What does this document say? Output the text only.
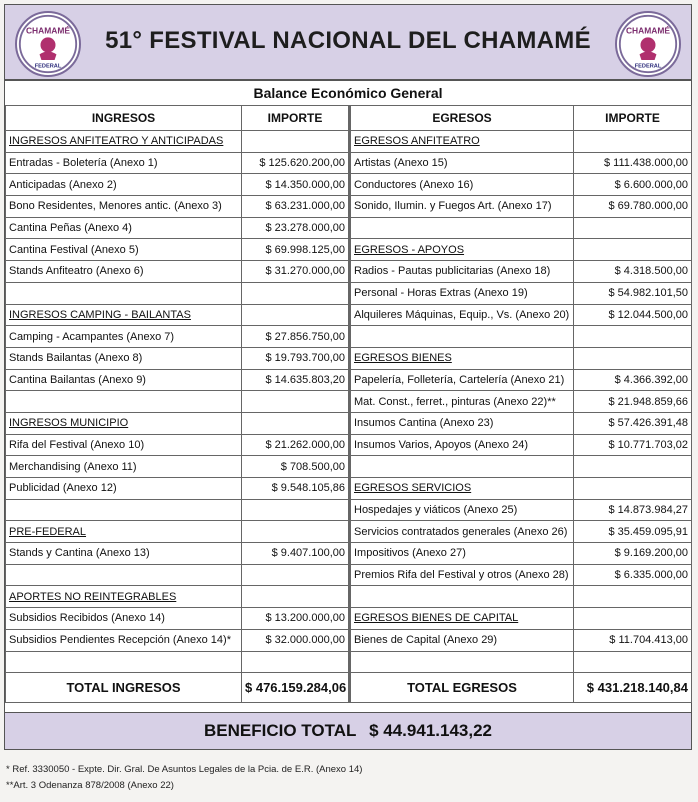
CHAMAMÉ
FEDERAL
51° FESTIVAL NACIONAL DEL CHAMAMÉ	CHAMAMÉ
FEDERAL
Balance Económico General
INGRESOS	IMPORTE	EGRESOS	IMPORTE
INGRESOS ANFITEATRO Y ANTICIPADAS		EGRESOS ANFITEATRO	
Entradas - Boletería (Anexo 1)	$ 125.620.200,00	Artistas (Anexo 15)	$ 111.438.000,00
Anticipadas (Anexo 2)	$ 14.350.000,00	Conductores (Anexo 16)	$ 6.600.000,00
Bono Residentes, Menores antic. (Anexo 3)	$ 63.231.000,00	Sonido, Ilumin. y Fuegos Art. (Anexo 17)	$ 69.780.000,00
Cantina Peñas (Anexo 4)	$ 23.278.000,00		
Cantina Festival (Anexo 5)	$ 69.998.125,00	EGRESOS - APOYOS	
Stands Anfiteatro (Anexo 6)	$ 31.270.000,00	Radios - Pautas publicitarias (Anexo 18)	$ 4.318.500,00
		Personal - Horas Extras (Anexo 19)	$ 54.982.101,50
INGRESOS CAMPING - BAILANTAS		Alquileres Máquinas, Equip., Vs. (Anexo 20)	$ 12.044.500,00
Camping - Acampantes (Anexo 7)	$ 27.856.750,00		
Stands Bailantas (Anexo 8)	$ 19.793.700,00	EGRESOS BIENES	
Cantina Bailantas (Anexo 9)	$ 14.635.803,20	Papelería, Folletería, Cartelería (Anexo 21)	$ 4.366.392,00
		Mat. Const., ferret., pinturas (Anexo 22)**	$ 21.948.859,66
INGRESOS MUNICIPIO		Insumos Cantina (Anexo 23)	$ 57.426.391,48
Rifa del Festival (Anexo 10)	$ 21.262.000,00	Insumos Varios, Apoyos (Anexo 24)	$ 10.771.703,02
Merchandising (Anexo 11)	$ 708.500,00		
Publicidad (Anexo 12)	$ 9.548.105,86	EGRESOS SERVICIOS	
		Hospedajes y viáticos (Anexo 25)	$ 14.873.984,27
PRE-FEDERAL		Servicios contratados generales (Anexo 26)	$ 35.459.095,91
Stands y Cantina (Anexo 13)	$ 9.407.100,00	Impositivos (Anexo 27)	$ 9.169.200,00
		Premios Rifa del Festival y otros (Anexo 28)	$ 6.335.000,00
APORTES NO REINTEGRABLES			
Subsidios Recibidos (Anexo 14)	$ 13.200.000,00	EGRESOS BIENES DE CAPITAL	
Subsidios Pendientes Recepción (Anexo 14)*	$ 32.000.000,00	Bienes de Capital (Anexo 29)	$ 11.704.413,00

TOTAL INGRESOS	$ 476.159.284,06	TOTAL EGRESOS	$ 431.218.140,84
BENEFICIO TOTAL $ 44.941.143,22
* Ref. 3330050 - Expte. Dir. Gral. De Asuntos Legales de la Pcia. de E.R. (Anexo 14)
**Art. 3 Odenanza 878/2008 (Anexo 22)
